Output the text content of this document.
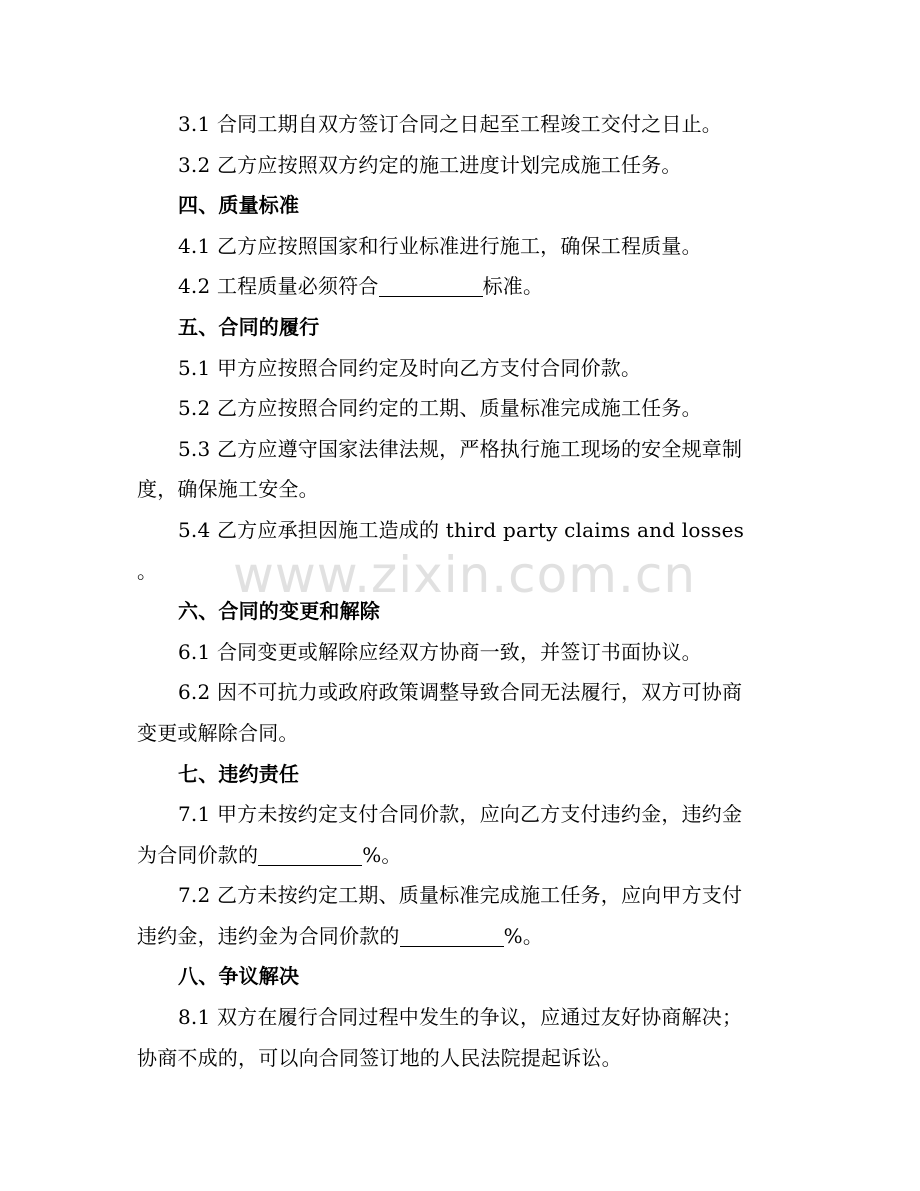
3.1 合同工期自双方签订合同之日起至工程竣工交付之日止。

3.2 乙方应按照双方约定的施工进度计划完成施工任务。

四、质量标准

4.1 乙方应按照国家和行业标准进行施工，确保工程质量。

4.2 工程质量必须符合	标准。

五、合同的履行

5.1 甲方应按照合同约定及时向乙方支付合同价款。

5.2 乙方应按照合同约定的工期、质量标准完成施工任务。

5.3 乙方应遵守国家法律法规，严格执行施工现场的安全规章制

度，确保施工安全。

5.4 乙方应承担因施工造成的 third party claims and losses

。

六、合同的变更和解除

6.1 合同变更或解除应经双方协商一致，并签订书面协议。

6.2 因不可抗力或政府政策调整导致合同无法履行，双方可协商

变更或解除合同。

七、违约责任

7.1 甲方未按约定支付合同价款，应向乙方支付违约金，违约金

为合同价款的	%。

7.2 乙方未按约定工期、质量标准完成施工任务，应向甲方支付

违约金，违约金为合同价款的	%。

八、争议解决

8.1 双方在履行合同过程中发生的争议，应通过友好协商解决；

协商不成的，可以向合同签订地的人民法院提起诉讼。

www.zixin.com.cn
